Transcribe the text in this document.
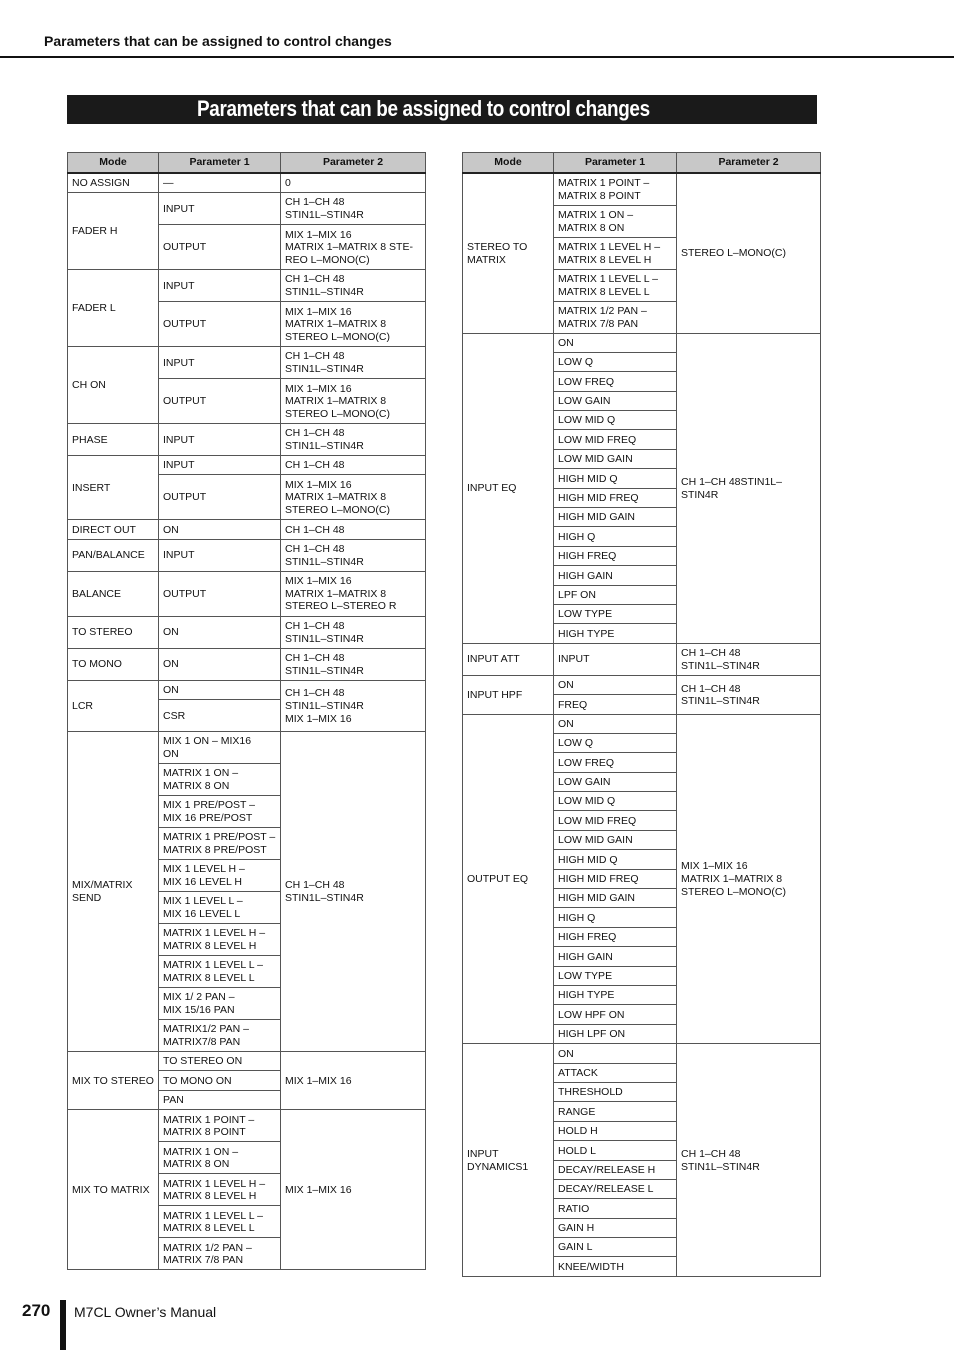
Parameters that can be assigned to control changes
Parameters that can be assigned to control changes
Mode	Parameter 1	Parameter 2
NO ASSIGN	—	0
FADER H	INPUT	CH 1–CH 48
STIN1L–STIN4R
	OUTPUT	MIX 1–MIX 16
MATRIX 1–MATRIX 8 STE-
REO L–MONO(C)
FADER L	INPUT	CH 1–CH 48
STIN1L–STIN4R
	OUTPUT	MIX 1–MIX 16
MATRIX 1–MATRIX 8
STEREO L–MONO(C)
CH ON	INPUT	CH 1–CH 48
STIN1L–STIN4R
	OUTPUT	MIX 1–MIX 16
MATRIX 1–MATRIX 8
STEREO L–MONO(C)
PHASE	INPUT	CH 1–CH 48
STIN1L–STIN4R
INSERT	INPUT	CH 1–CH 48
	OUTPUT	MIX 1–MIX 16
MATRIX 1–MATRIX 8
STEREO L–MONO(C)
DIRECT OUT	ON	CH 1–CH 48
PAN/BALANCE	INPUT	CH 1–CH 48
STIN1L–STIN4R
BALANCE	OUTPUT	MIX 1–MIX 16
MATRIX 1–MATRIX 8
STEREO L–STEREO R
TO STEREO	ON	CH 1–CH 48
STIN1L–STIN4R
TO MONO	ON	CH 1–CH 48
STIN1L–STIN4R
LCR	ON	CH 1–CH 48
STIN1L–STIN4R
MIX 1–MIX 16
	CSR	
MIX/MATRIX
SEND	MIX 1 ON – MIX16
ON	CH 1–CH 48
STIN1L–STIN4R
	MATRIX 1 ON –
MATRIX 8 ON	
	MIX 1 PRE/POST –
MIX 16 PRE/POST	
	MATRIX 1 PRE/POST –
MATRIX 8 PRE/POST	
	MIX 1 LEVEL H –
MIX 16 LEVEL H	
	MIX 1 LEVEL L –
MIX 16 LEVEL L	
	MATRIX 1 LEVEL H –
MATRIX 8 LEVEL H	
	MATRIX 1 LEVEL L –
MATRIX 8 LEVEL L	
	MIX 1/ 2 PAN –
MIX 15/16 PAN	
	MATRIX1/2 PAN –
MATRIX7/8 PAN	
MIX TO STEREO	TO STEREO ON	MIX 1–MIX 16
	TO MONO ON	
	PAN	
MIX TO MATRIX	MATRIX 1 POINT –
MATRIX 8 POINT	MIX 1–MIX 16
	MATRIX 1 ON –
MATRIX 8 ON	
	MATRIX 1 LEVEL H –
MATRIX 8 LEVEL H	
	MATRIX 1 LEVEL L –
MATRIX 8 LEVEL L	
	MATRIX 1/2 PAN –
MATRIX 7/8 PAN	
Mode	Parameter 1	Parameter 2
STEREO TO
MATRIX	MATRIX 1 POINT –
MATRIX 8 POINT	STEREO L–MONO(C)
	MATRIX 1 ON –
MATRIX 8 ON	
	MATRIX 1 LEVEL H –
MATRIX 8 LEVEL H	
	MATRIX 1 LEVEL L –
MATRIX 8 LEVEL L	
	MATRIX 1/2 PAN –
MATRIX 7/8 PAN	
INPUT EQ	ON	CH 1–CH 48STIN1L–
STIN4R
	LOW Q	
	LOW FREQ	
	LOW GAIN	
	LOW MID Q	
	LOW MID FREQ	
	LOW MID GAIN	
	HIGH MID Q	
	HIGH MID FREQ	
	HIGH MID GAIN	
	HIGH Q	
	HIGH FREQ	
	HIGH GAIN	
	LPF ON	
	LOW TYPE	
	HIGH TYPE	
INPUT ATT	INPUT	CH 1–CH 48
STIN1L–STIN4R
INPUT HPF	ON	CH 1–CH 48
STIN1L–STIN4R
	FREQ	
OUTPUT EQ	ON	MIX 1–MIX 16
MATRIX 1–MATRIX 8
STEREO L–MONO(C)
	LOW Q	
	LOW FREQ	
	LOW GAIN	
	LOW MID Q	
	LOW MID FREQ	
	LOW MID GAIN	
	HIGH MID Q	
	HIGH MID FREQ	
	HIGH MID GAIN	
	HIGH Q	
	HIGH FREQ	
	HIGH GAIN	
	LOW TYPE	
	HIGH TYPE	
	LOW HPF ON	
	HIGH LPF ON	
INPUT
DYNAMICS1	ON	CH 1–CH 48
STIN1L–STIN4R
	ATTACK	
	THRESHOLD	
	RANGE	
	HOLD H	
	HOLD L	
	DECAY/RELEASE H	
	DECAY/RELEASE L	
	RATIO	
	GAIN H	
	GAIN L	
	KNEE/WIDTH	
270 M7CL Owner’s Manual
